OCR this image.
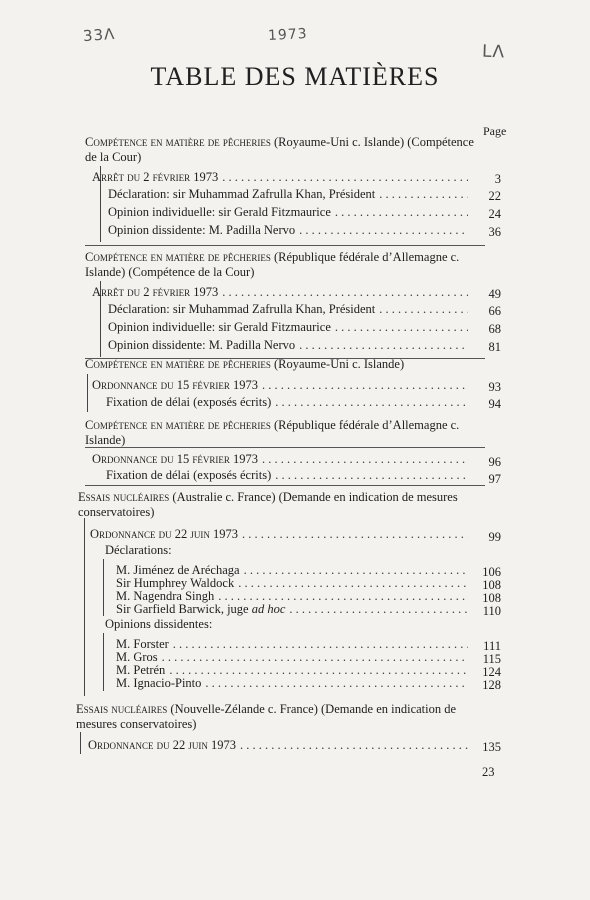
33Λ	1973
LΛ
TABLE DES MATIÈRES
Page
Compétence en matière de pêcheries (Royaume-Uni c. Islande) (Compétence de la Cour)
Arrêt du 2 février 1973 . . .	3
Déclaration: sir Muhammad Zafrulla Khan, Président . . .	22
Opinion individuelle: sir Gerald Fitzmaurice . . .	24
Opinion dissidente: M. Padilla Nervo . . .	36
Compétence en matière de pêcheries (République fédérale d’Allemagne c. Islande) (Compétence de la Cour)
Arrêt du 2 février 1973 . . .	49
Déclaration: sir Muhammad Zafrulla Khan, Président . . .	66
Opinion individuelle: sir Gerald Fitzmaurice . . .	68
Opinion dissidente: M. Padilla Nervo . . .	81
Compétence en matière de pêcheries (Royaume-Uni c. Islande)
Ordonnance du 15 février 1973 . . .	93
Fixation de délai (exposés écrits) . . .	94
Compétence en matière de pêcheries (République fédérale d’Allemagne c. Islande)
Ordonnance du 15 février 1973 . . .	96
Fixation de délai (exposés écrits) . . .	97
Essais nucléaires (Australie c. France) (Demande en indication de mesures conservatoires)
Ordonnance du 22 juin 1973 . . .	99
Déclarations:
M. Jiménez de Aréchaga . . .	106
Sir Humphrey Waldock . . .	108
M. Nagendra Singh . . .	108
Sir Garfield Barwick, juge ad hoc . . .	110
Opinions dissidentes:
M. Forster . . .	111
M. Gros . . .	115
M. Petrén . . .	124
M. Ignacio-Pinto . . .	128
Essais nucléaires (Nouvelle-Zélande c. France) (Demande en indication de mesures conservatoires)
Ordonnance du 22 juin 1973 . . .	135
23
